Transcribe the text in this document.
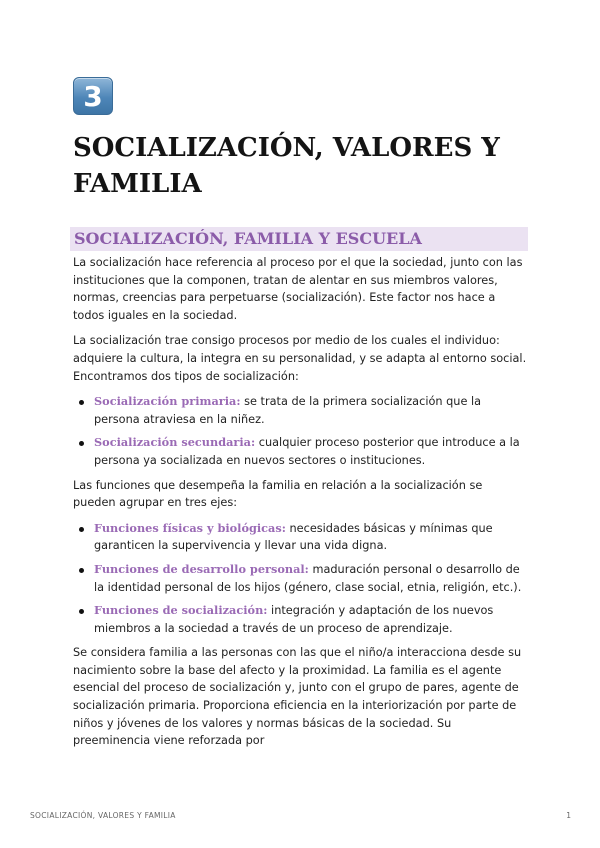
3
SOCIALIZACIÓN, VALORES Y FAMILIA
SOCIALIZACIÓN, FAMILIA Y ESCUELA

La socialización hace referencia al proceso por el que la sociedad, junto con las instituciones que la componen, tratan de alentar en sus miembros valores, normas, creencias para perpetuarse (socialización). Este factor nos hace a todos iguales en la sociedad.

La socialización trae consigo procesos por medio de los cuales el individuo: adquiere la cultura, la integra en su personalidad, y se adapta al entorno social. Encontramos dos tipos de socialización:

Socialización primaria: se trata de la primera socialización que la persona atraviesa en la niñez.
Socialización secundaria: cualquier proceso posterior que introduce a la persona ya socializada en nuevos sectores o instituciones.

Las funciones que desempeña la familia en relación a la socialización se pueden agrupar en tres ejes:

Funciones físicas y biológicas: necesidades básicas y mínimas que garanticen la supervivencia y llevar una vida digna.
Funciones de desarrollo personal: maduración personal o desarrollo de la identidad personal de los hijos (género, clase social, etnia, religión, etc.).
Funciones de socialización: integración y adaptación de los nuevos miembros a la sociedad a través de un proceso de aprendizaje.

Se considera familia a las personas con las que el niño/a interacciona desde su nacimiento sobre la base del afecto y la proximidad. La familia es el agente esencial del proceso de socialización y, junto con el grupo de pares, agente de socialización primaria. Proporciona eficiencia en la interiorización por parte de niños y jóvenes de los valores y normas básicas de la sociedad. Su preeminencia viene reforzada por

SOCIALIZACIÓN, VALORES Y FAMILIA	1
